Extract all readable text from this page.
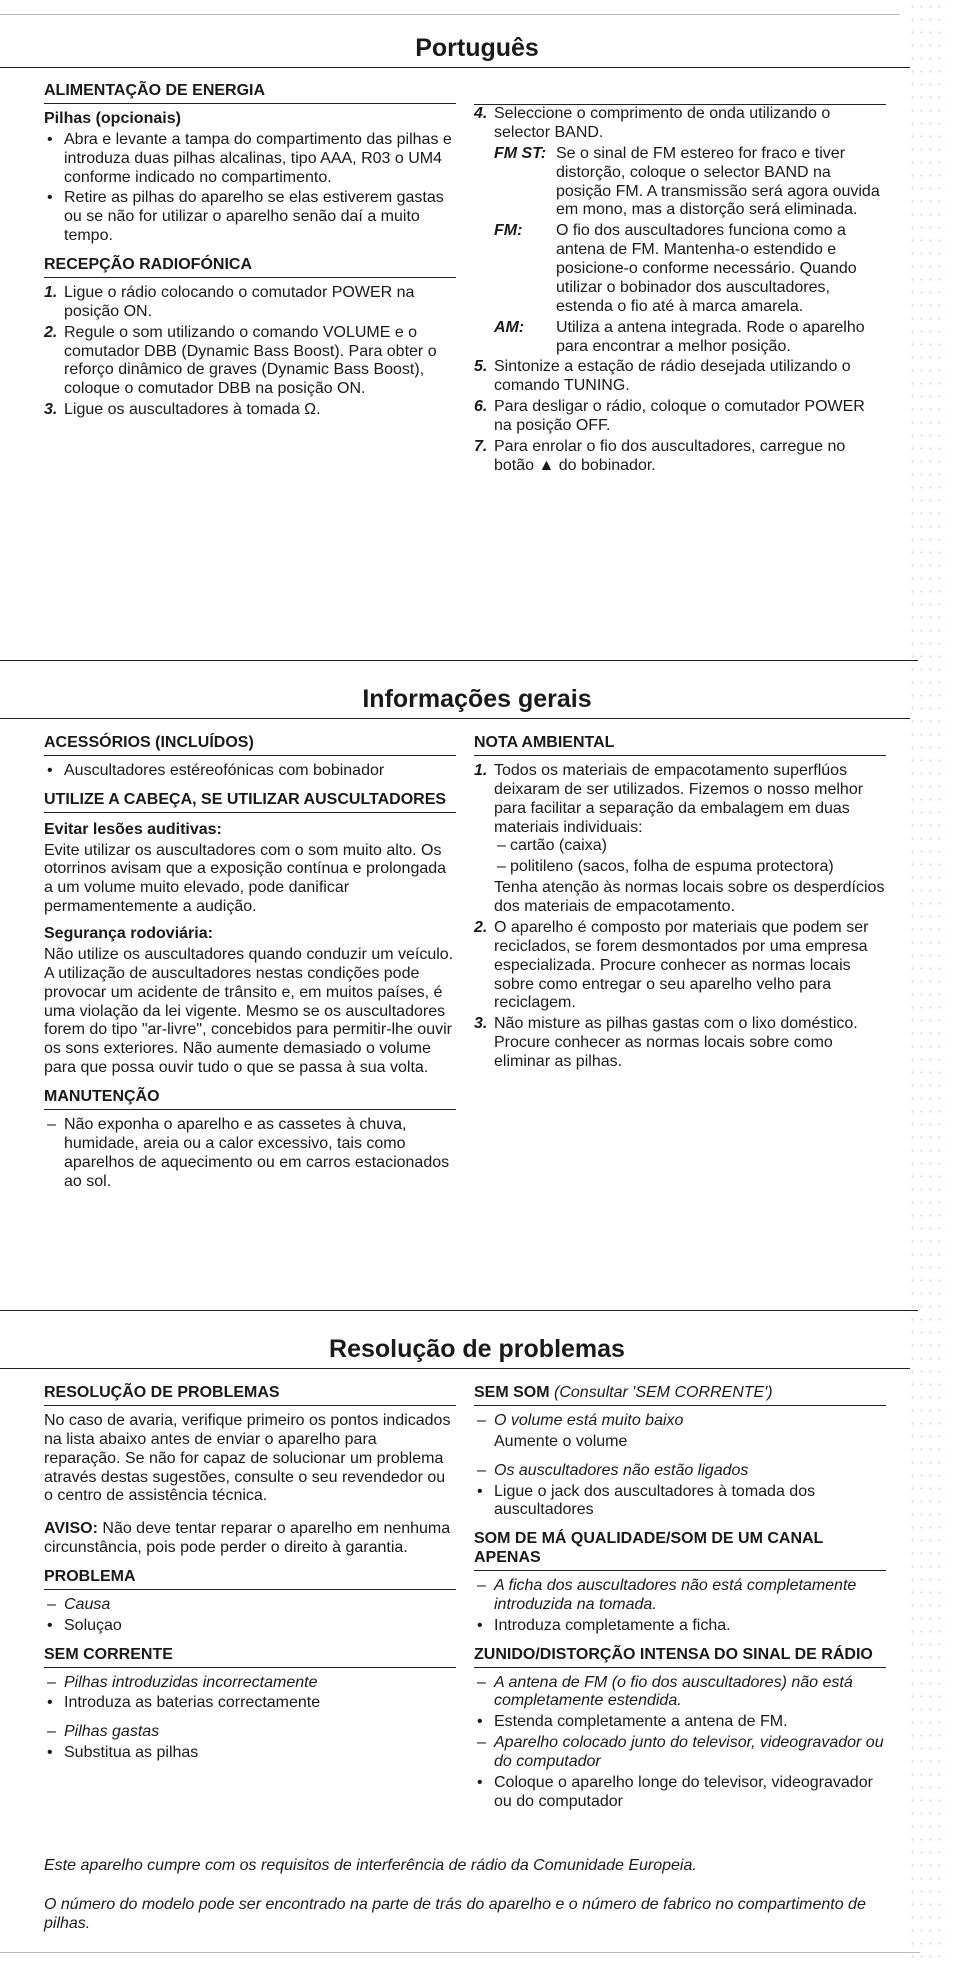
Português
ALIMENTAÇÃO DE ENERGIA
Pilhas (opcionais)
• Abra e levante a tampa do compartimento das pilhas e introduza duas pilhas alcalinas, tipo AAA, R03 o UM4 conforme indicado no compartimento.
• Retire as pilhas do aparelho se elas estiverem gastas ou se não for utilizar o aparelho senão daí a muito tempo.
RECEPÇÃO RADIOFÓNICA
1. Ligue o rádio colocando o comutador POWER na posição ON.
2. Regule o som utilizando o comando VOLUME e o comutador DBB (Dynamic Bass Boost). Para obter o reforço dinâmico de graves (Dynamic Bass Boost), coloque o comutador DBB na posição ON.
3. Ligue os auscultadores à tomada Ω.
4. Seleccione o comprimento de onda utilizando o selector BAND.
FM ST: Se o sinal de FM estereo for fraco e tiver distorção, coloque o selector BAND na posição FM. A transmissão será agora ouvida em mono, mas a distorção será eliminada.
FM: O fio dos auscultadores funciona como a antena de FM. Mantenha-o estendido e posicione-o conforme necessário. Quando utilizar o bobinador dos auscultadores, estenda o fio até à marca amarela.
AM: Utiliza a antena integrada. Rode o aparelho para encontrar a melhor posição.
5. Sintonize a estação de rádio desejada utilizando o comando TUNING.
6. Para desligar o rádio, coloque o comutador POWER na posição OFF.
7. Para enrolar o fio dos auscultadores, carregue no botão ▲ do bobinador.
Informações gerais
ACESSÓRIOS (INCLUÍDOS)
• Auscultadores estéreofónicas com bobinador
UTILIZE A CABEÇA, SE UTILIZAR AUSCULTADORES
Evitar lesões auditivas:

Evite utilizar os auscultadores com o som muito alto. Os otorrinos avisam que a exposição contínua e prolongada a um volume muito elevado, pode danificar permamentemente a audição.

Segurança rodoviária:

Não utilize os auscultadores quando conduzir um veículo. A utilização de auscultadores nestas condições pode provocar um acidente de trânsito e, em muitos países, é uma violação da lei vigente. Mesmo se os auscultadores forem do tipo "ar-livre", concebidos para permitir-lhe ouvir os sons exteriores. Não aumente demasiado o volume para que possa ouvir tudo o que se passa à sua volta.

MANUTENÇÃO
– Não exponha o aparelho e as cassetes à chuva, humidade, areia ou a calor excessivo, tais como aparelhos de aquecimento ou em carros estacionados ao sol.
NOTA AMBIENTAL
1. Todos os materiais de empacotamento superflúos deixaram de ser utilizados. Fizemos o nosso melhor para facilitar a separação da embalagem em duas materiais individuais:
– cartão (caixa)
– politileno (sacos, folha de espuma protectora)
Tenha atenção às normas locais sobre os desperdícios dos materiais de empacotamento.
2. O aparelho é composto por materiais que podem ser reciclados, se forem desmontados por uma empresa especializada. Procure conhecer as normas locais sobre como entregar o seu aparelho velho para reciclagem.
3. Não misture as pilhas gastas com o lixo doméstico. Procure conhecer as normas locais sobre como eliminar as pilhas.
Resolução de problemas
RESOLUÇÃO DE PROBLEMAS

No caso de avaria, verifique primeiro os pontos indicados na lista abaixo antes de enviar o aparelho para reparação. Se não for capaz de solucionar um problema através destas sugestões, consulte o seu revendedor ou o centro de assistência técnica.

AVISO: Não deve tentar reparar o aparelho em nenhuma circunstância, pois pode perder o direito à garantia.

PROBLEMA
– Causa
• Soluçao
SEM CORRENTE
– Pilhas introduzidas incorrectamente
• Introduza as baterias correctamente
– Pilhas gastas
• Substitua as pilhas
SEM SOM (Consultar 'SEM CORRENTE')
– O volume está muito baixo
Aumente o volume
– Os auscultadores não estão ligados
• Ligue o jack dos auscultadores à tomada dos auscultadores
SOM DE MÁ QUALIDADE/SOM DE UM CANAL APENAS
– A ficha dos auscultadores não está completamente introduzida na tomada.
• Introduza completamente a ficha.
ZUNIDO/DISTORÇÃO INTENSA DO SINAL DE RÁDIO
– A antena de FM (o fio dos auscultadores) não está completamente estendida.
• Estenda completamente a antena de FM.
– Aparelho colocado junto do televisor, videogravador ou do computador
• Coloque o aparelho longe do televisor, videogravador ou do computador

Este aparelho cumpre com os requisitos de interferência de rádio da Comunidade Europeia.

O número do modelo pode ser encontrado na parte de trás do aparelho e o número de fabrico no compartimento de pilhas.
